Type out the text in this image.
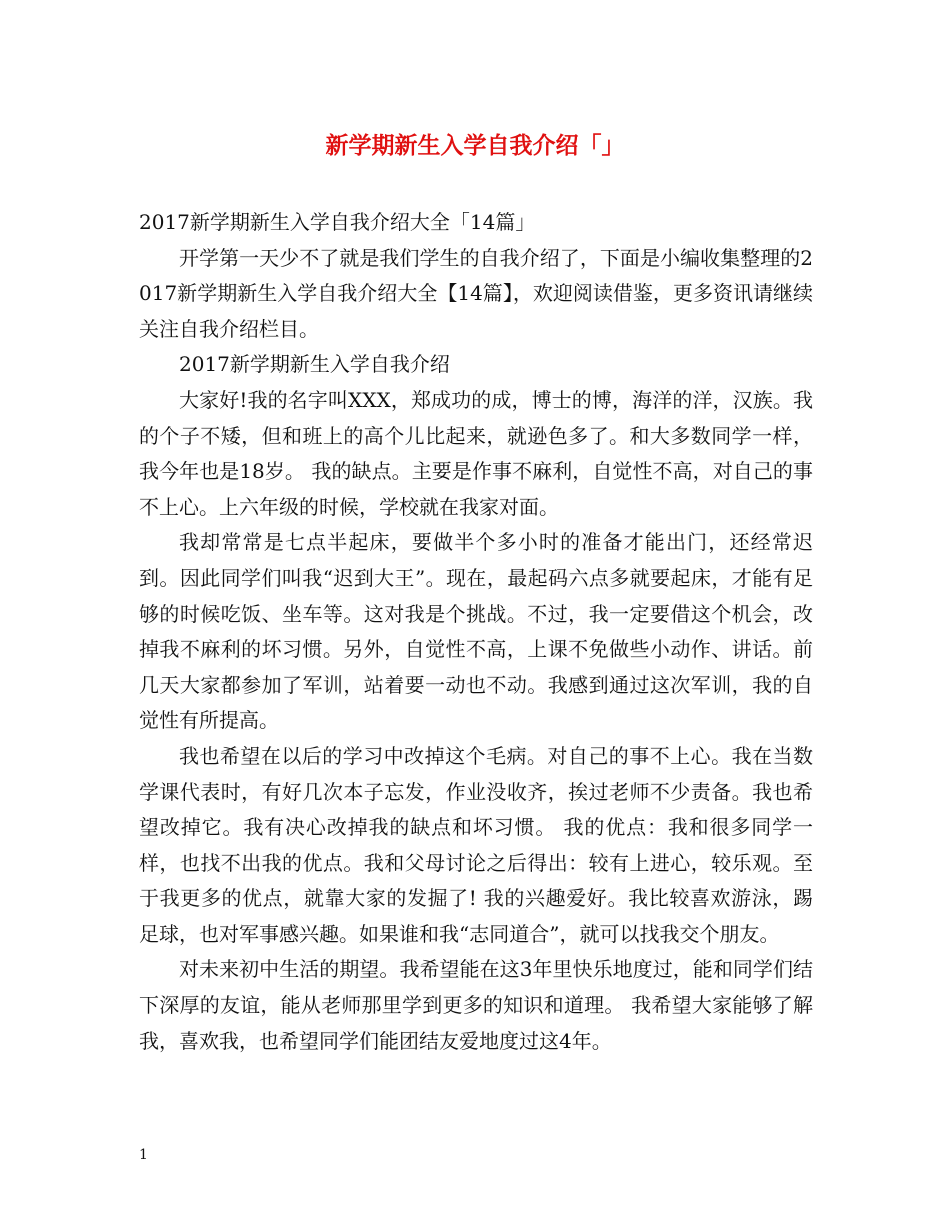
新学期新生入学自我介绍「」

2017新学期新生入学自我介绍大全「14篇」

开学第一天少不了就是我们学生的自我介绍了，下面是小编收集整理的2017新学期新生入学自我介绍大全【14篇】，欢迎阅读借鉴，更多资讯请继续关注自我介绍栏目。

2017新学期新生入学自我介绍

大家好!我的名字叫XXX，郑成功的成，博士的博，海洋的洋，汉族。我的个子不矮，但和班上的高个儿比起来，就逊色多了。和大多数同学一样，我今年也是18岁。 我的缺点。主要是作事不麻利，自觉性不高，对自己的事不上心。上六年级的时候，学校就在我家对面。

我却常常是七点半起床，要做半个多小时的准备才能出门，还经常迟到。因此同学们叫我“迟到大王”。现在，最起码六点多就要起床，才能有足够的时候吃饭、坐车等。这对我是个挑战。不过，我一定要借这个机会，改掉我不麻利的坏习惯。另外，自觉性不高，上课不免做些小动作、讲话。前几天大家都参加了军训，站着要一动也不动。我感到通过这次军训，我的自觉性有所提高。

我也希望在以后的学习中改掉这个毛病。对自己的事不上心。我在当数学课代表时，有好几次本子忘发，作业没收齐，挨过老师不少责备。我也希望改掉它。我有决心改掉我的缺点和坏习惯。 我的优点：我和很多同学一样，也找不出我的优点。我和父母讨论之后得出：较有上进心，较乐观。至于我更多的优点，就靠大家的发掘了! 我的兴趣爱好。我比较喜欢游泳，踢足球，也对军事感兴趣。如果谁和我“志同道合”，就可以找我交个朋友。

对未来初中生活的期望。我希望能在这3年里快乐地度过，能和同学们结下深厚的友谊，能从老师那里学到更多的知识和道理。 我希望大家能够了解我，喜欢我，也希望同学们能团结友爱地度过这4年。

1
